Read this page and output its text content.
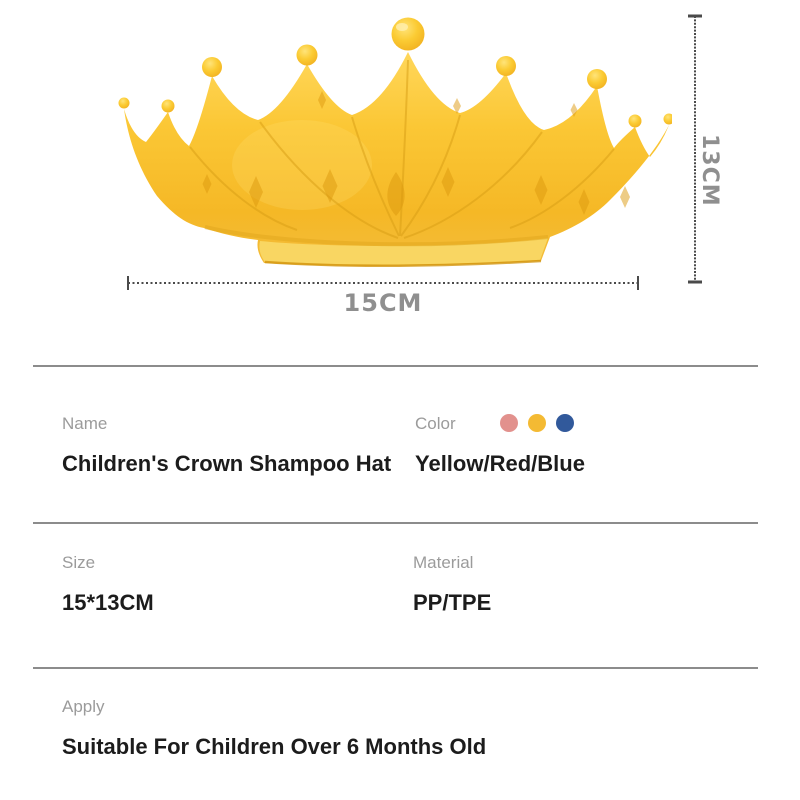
15CM
13CM
Name
Children's Crown Shampoo Hat
Color
Yellow/Red/Blue
Size
15*13CM
Material
PP/TPE
Apply
Suitable For Children Over 6 Months Old
